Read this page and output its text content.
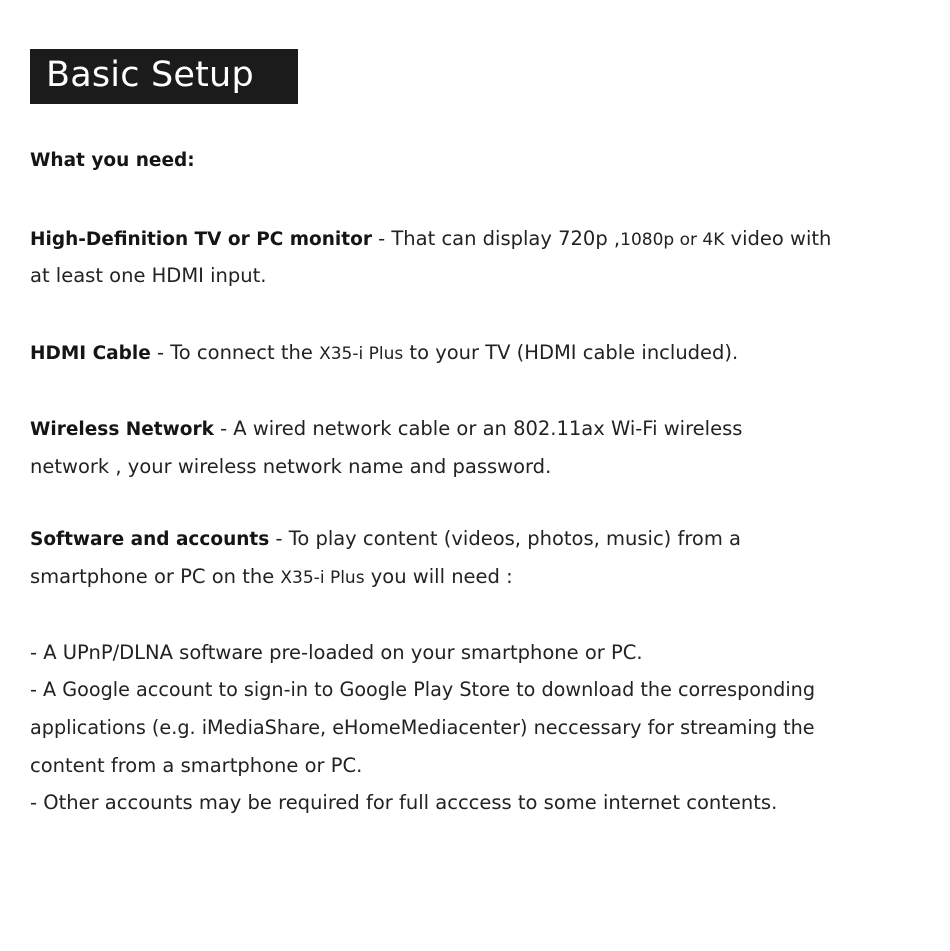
Basic Setup
What you need:
High-Definition TV or PC monitor - That can display 720p ,1080p or 4K video with
at least one HDMI input.
HDMI Cable - To connect the X35-i Plus to your TV (HDMI cable included).
Wireless Network - A wired network cable or an 802.11ax Wi-Fi wireless
network , your wireless network name and password.
Software and accounts - To play content (videos, photos, music) from a
smartphone or PC on the X35-i Plus you will need :
- A UPnP/DLNA software pre-loaded on your smartphone or PC.
- A Google account to sign-in to Google Play Store to download the corresponding
applications (e.g. iMediaShare, eHomeMediacenter) neccessary for streaming the
content from a smartphone or PC.
- Other accounts may be required for full acccess to some internet contents.
